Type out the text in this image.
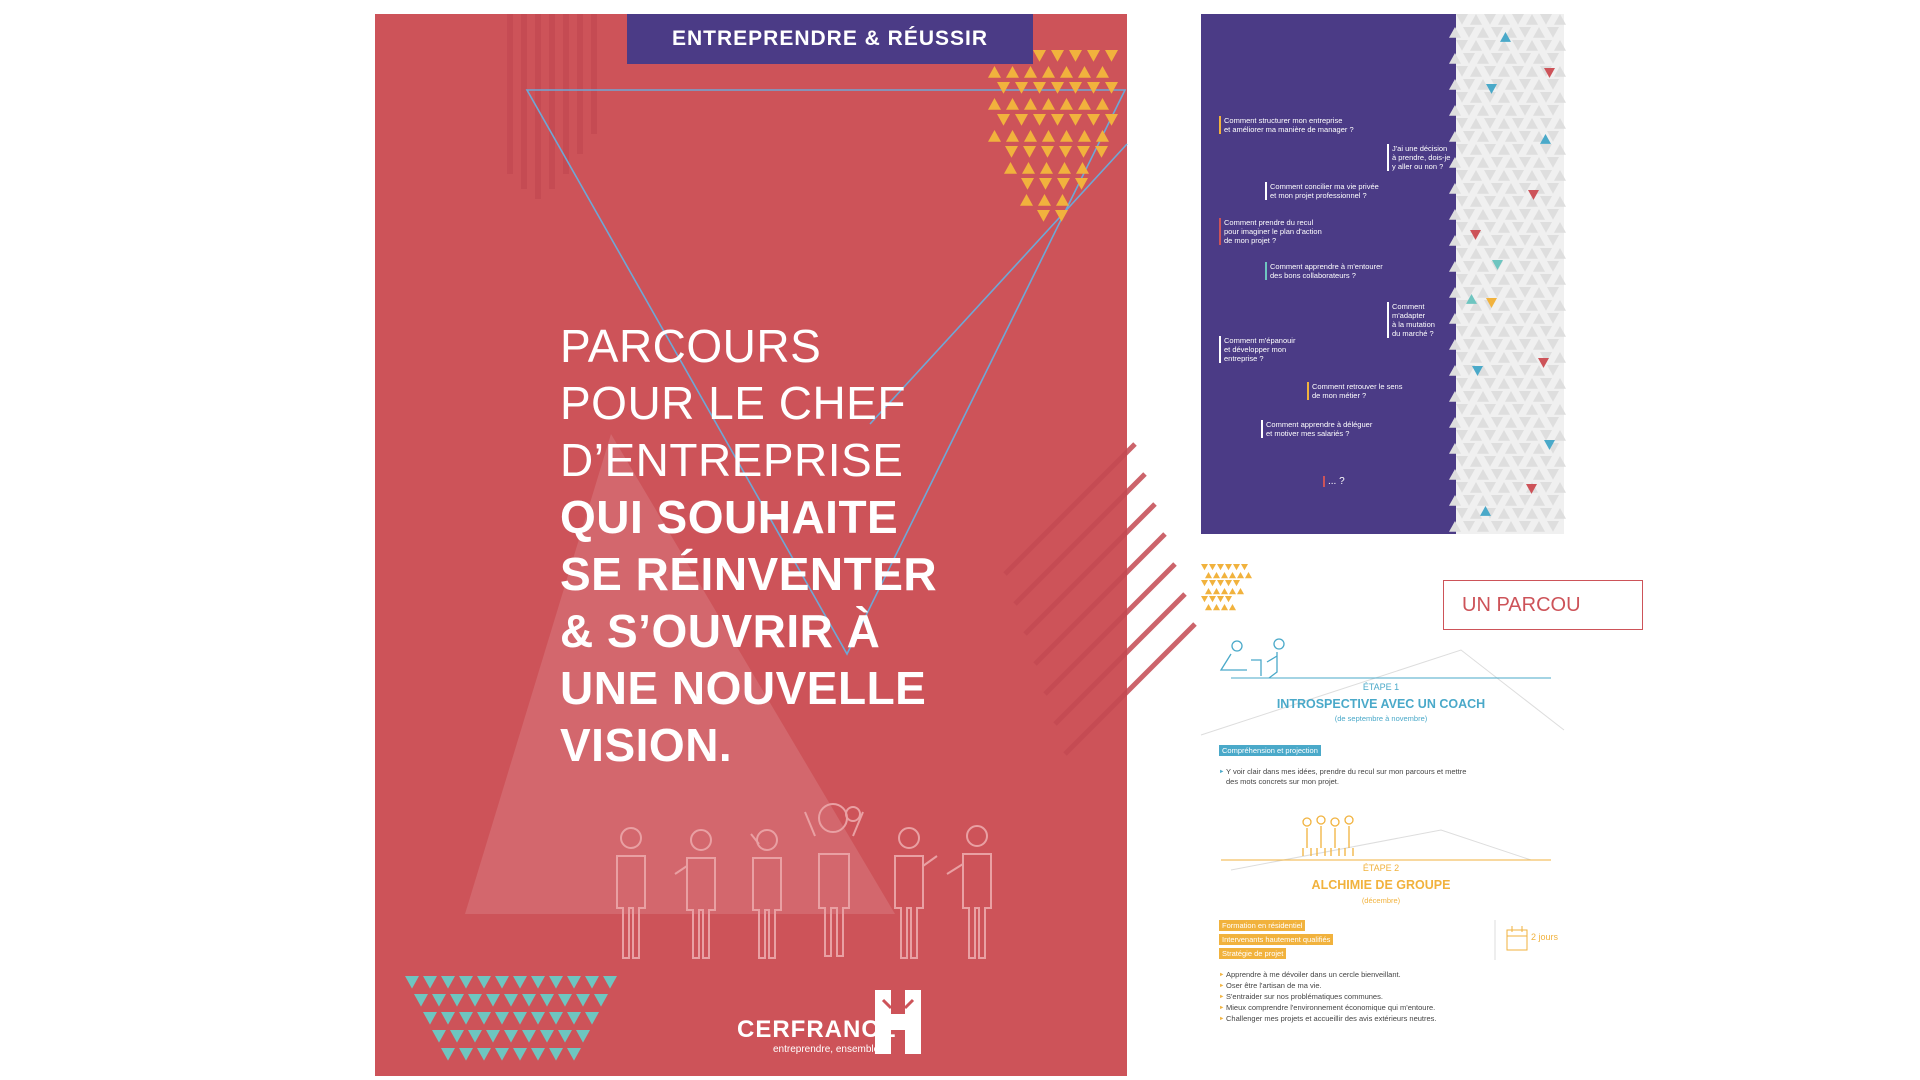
ENTREPRENDRE & RÉUSSIR
PARCOURS
POUR LE CHEF
D’ENTREPRISE
QUI SOUHAITE
SE RÉINVENTER
& S’OUVRIR À
UNE NOUVELLE
VISION.
CERFRANCE
entreprendre, ensemble
Comment structurer mon entreprise
et améliorer ma manière de manager ?
J'ai une décision
à prendre, dois-je
y aller ou non ?
Comment concilier ma vie privée
et mon projet professionnel ?
Comment prendre du recul
pour imaginer le plan d'action
de mon projet ?
Comment apprendre à m'entourer
des bons collaborateurs ?
Comment
m'adapter
à la mutation
du marché ?
Comment m'épanouir
et développer mon
entreprise ?
Comment retrouver le sens
de mon métier ?
Comment apprendre à déléguer
et motiver mes salariés ?
... ?
UN PARCOU
ÉTAPE 1
INTROSPECTIVE AVEC UN COACH
(de septembre à novembre)
Compréhension et projection
► Y voir clair dans mes idées, prendre du recul sur mon parcours et mettre
des mots concrets sur mon projet.
ÉTAPE 2
ALCHIMIE DE GROUPE
(décembre)
Formation en résidentiel
Intervenants hautement qualifiés
Stratégie de projet
2 jours
► Apprendre à me dévoiler dans un cercle bienveillant.
► Oser être l'artisan de ma vie.
► S'entraider sur nos problématiques communes.
► Mieux comprendre l'environnement économique qui m'entoure.
► Challenger mes projets et accueillir des avis extérieurs neutres.
